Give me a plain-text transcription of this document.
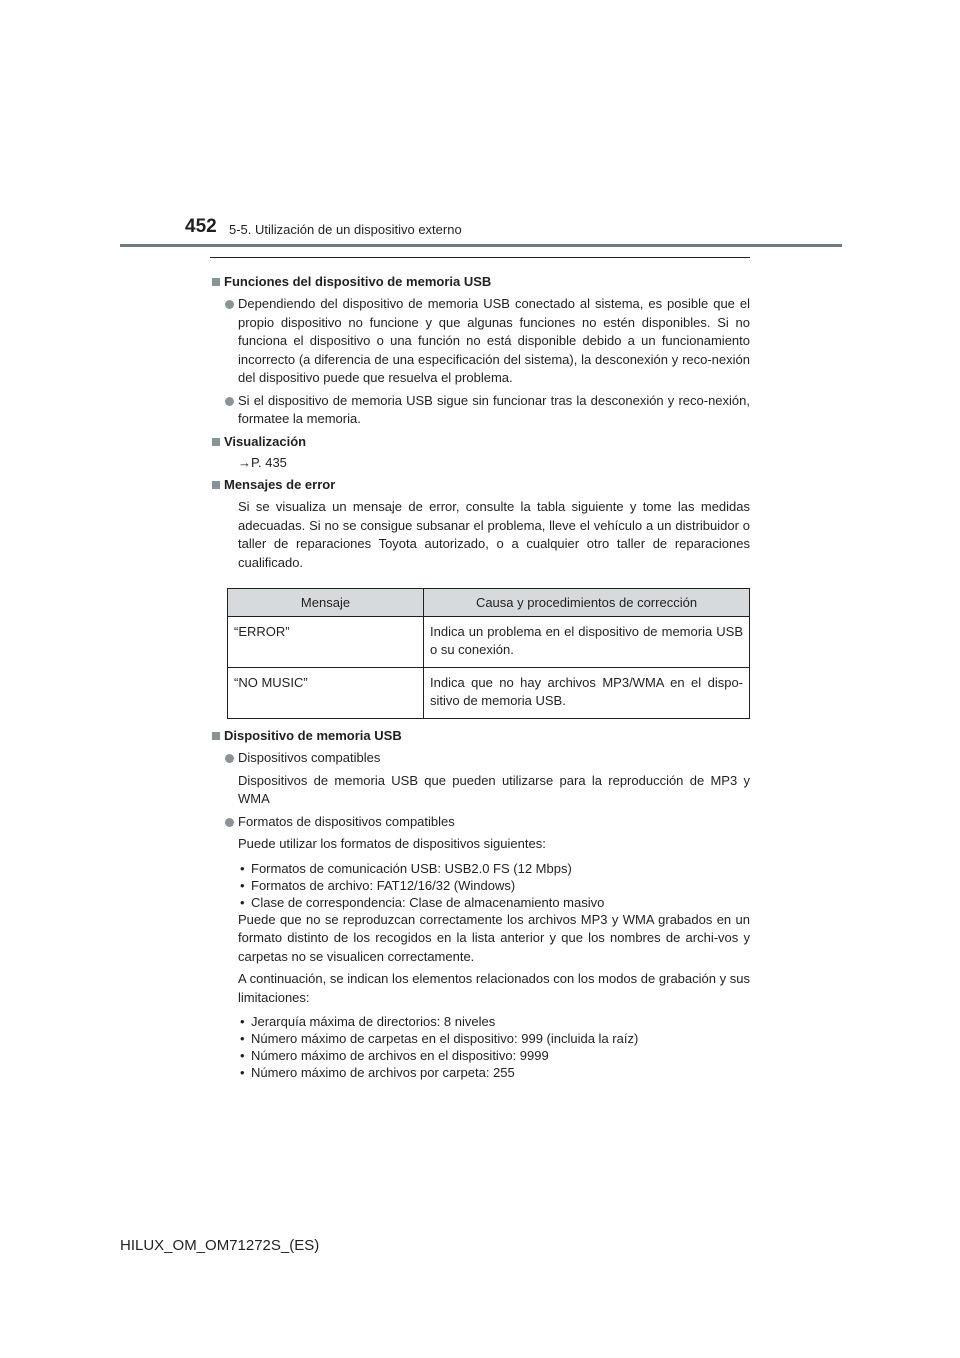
452 5-5. Utilización de un dispositivo externo
Funciones del dispositivo de memoria USB
Dependiendo del dispositivo de memoria USB conectado al sistema, es posible que el propio dispositivo no funcione y que algunas funciones no estén disponibles. Si no funciona el dispositivo o una función no está disponible debido a un funcionamiento incorrecto (a diferencia de una especificación del sistema), la desconexión y reco-nexión del dispositivo puede que resuelva el problema.
Si el dispositivo de memoria USB sigue sin funcionar tras la desconexión y reco-nexión, formatee la memoria.
Visualización
→P. 435
Mensajes de error
Si se visualiza un mensaje de error, consulte la tabla siguiente y tome las medidas adecuadas. Si no se consigue subsanar el problema, lleve el vehículo a un distribuidor o taller de reparaciones Toyota autorizado, o a cualquier otro taller de reparaciones cualificado.
Mensaje	Causa y procedimientos de corrección
“ERROR”	Indica un problema en el dispositivo de memoria USB o su conexión.
“NO MUSIC”	Indica que no hay archivos MP3/WMA en el dispo-sitivo de memoria USB.
Dispositivo de memoria USB
Dispositivos compatibles
Dispositivos de memoria USB que pueden utilizarse para la reproducción de MP3 y WMA
Formatos de dispositivos compatibles
Puede utilizar los formatos de dispositivos siguientes:
• Formatos de comunicación USB: USB2.0 FS (12 Mbps)
• Formatos de archivo: FAT12/16/32 (Windows)
• Clase de correspondencia: Clase de almacenamiento masivo
Puede que no se reproduzcan correctamente los archivos MP3 y WMA grabados en un formato distinto de los recogidos en la lista anterior y que los nombres de archi-vos y carpetas no se visualicen correctamente.
A continuación, se indican los elementos relacionados con los modos de grabación y sus limitaciones:
• Jerarquía máxima de directorios: 8 niveles
• Número máximo de carpetas en el dispositivo: 999 (incluida la raíz)
• Número máximo de archivos en el dispositivo: 9999
• Número máximo de archivos por carpeta: 255
HILUX_OM_OM71272S_(ES)
